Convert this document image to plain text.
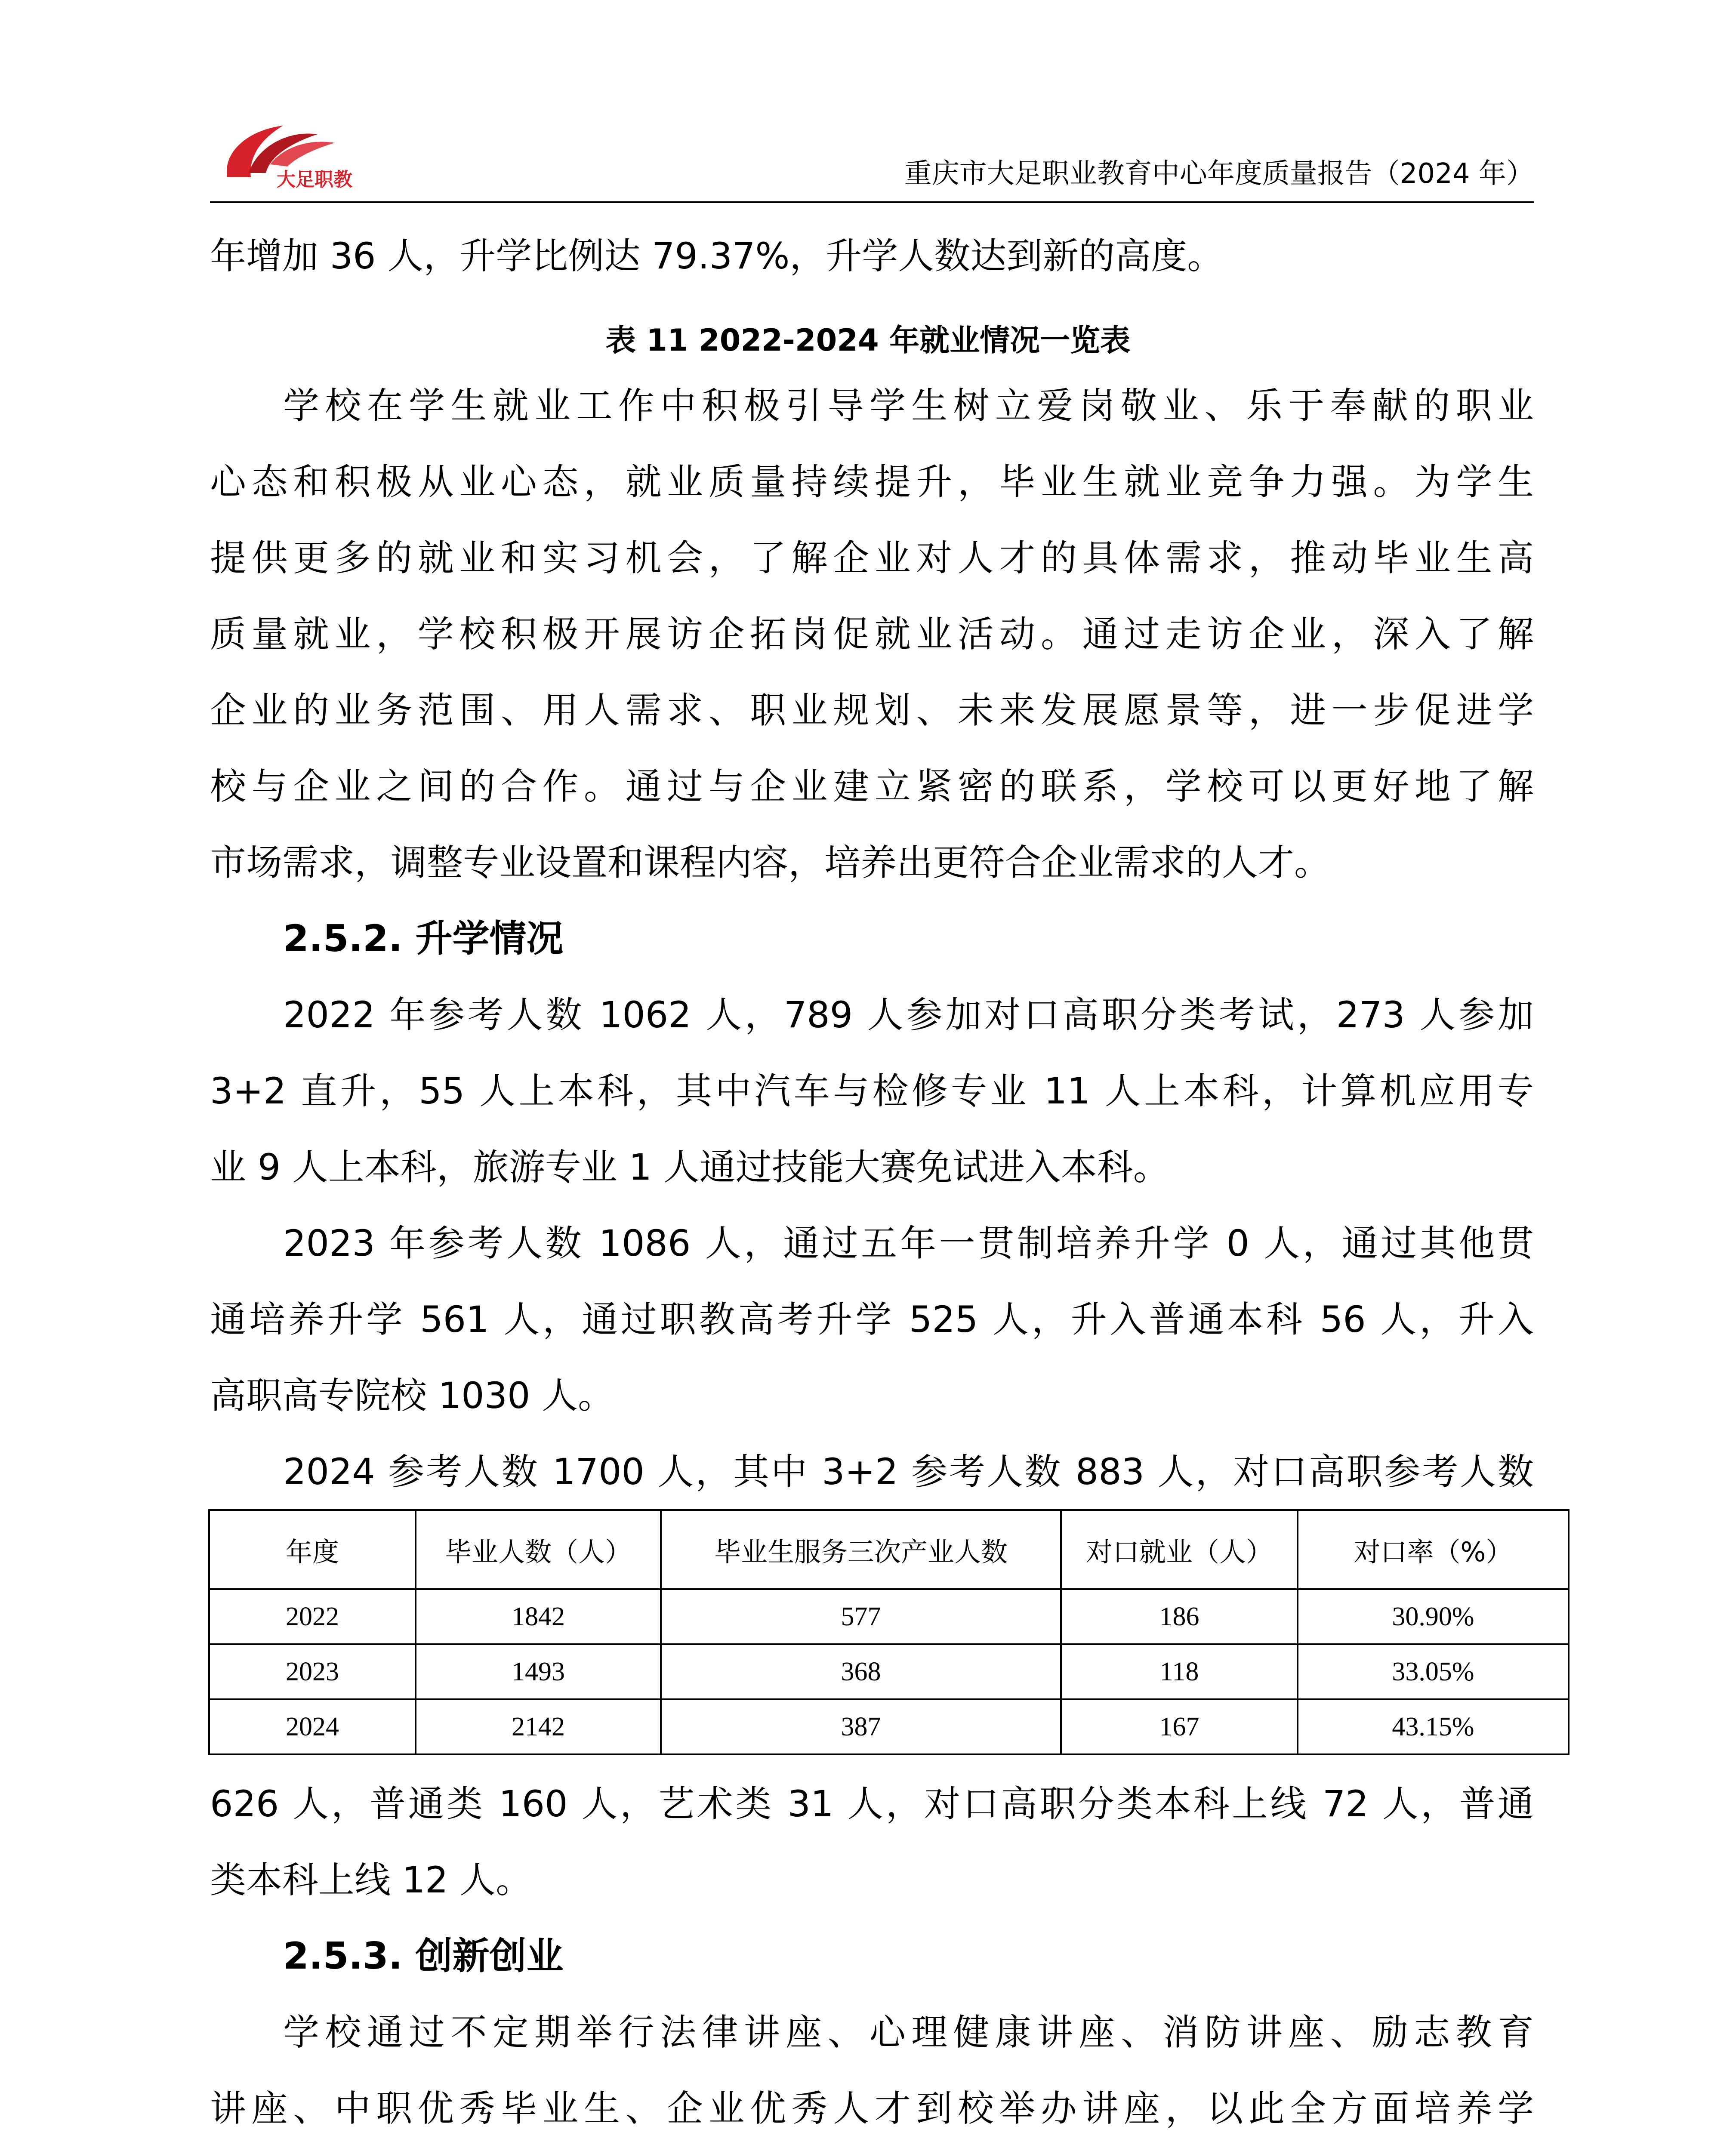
大足职教	重庆市大足职业教育中心年度质量报告（2024 年）
年增加 36 人，升学比例达 79.37%，升学人数达到新的高度。
表 11 2022-2024 年就业情况一览表
学校在学生就业工作中积极引导学生树立爱岗敬业、乐于奉献的职业
心态和积极从业心态，就业质量持续提升，毕业生就业竞争力强。为学生
提供更多的就业和实习机会，了解企业对人才的具体需求，推动毕业生高
质量就业，学校积极开展访企拓岗促就业活动。通过走访企业，深入了解
企业的业务范围、用人需求、职业规划、未来发展愿景等，进一步促进学
校与企业之间的合作。通过与企业建立紧密的联系，学校可以更好地了解
市场需求，调整专业设置和课程内容，培养出更符合企业需求的人才。
2.5.2. 升学情况
2022 年参考人数 1062 人，789 人参加对口高职分类考试，273 人参加
3+2 直升，55 人上本科，其中汽车与检修专业 11 人上本科，计算机应用专
业 9 人上本科，旅游专业 1 人通过技能大赛免试进入本科。
2023 年参考人数 1086 人，通过五年一贯制培养升学 0 人，通过其他贯
通培养升学 561 人，通过职教高考升学 525 人，升入普通本科 56 人，升入
高职高专院校 1030 人。
2024 参考人数 1700 人，其中 3+2 参考人数 883 人，对口高职参考人数
年度	毕业人数（人）	毕业生服务三次产业人数	对口就业（人）	对口率（%）
2022	1842	577	186	30.90%
2023	1493	368	118	33.05%
2024	2142	387	167	43.15%
626 人，普通类 160 人，艺术类 31 人，对口高职分类本科上线 72 人，普通
类本科上线 12 人。
2.5.3. 创新创业
学校通过不定期举行法律讲座、心理健康讲座、消防讲座、励志教育
讲座、中职优秀毕业生、企业优秀人才到校举办讲座，以此全方面培养学
